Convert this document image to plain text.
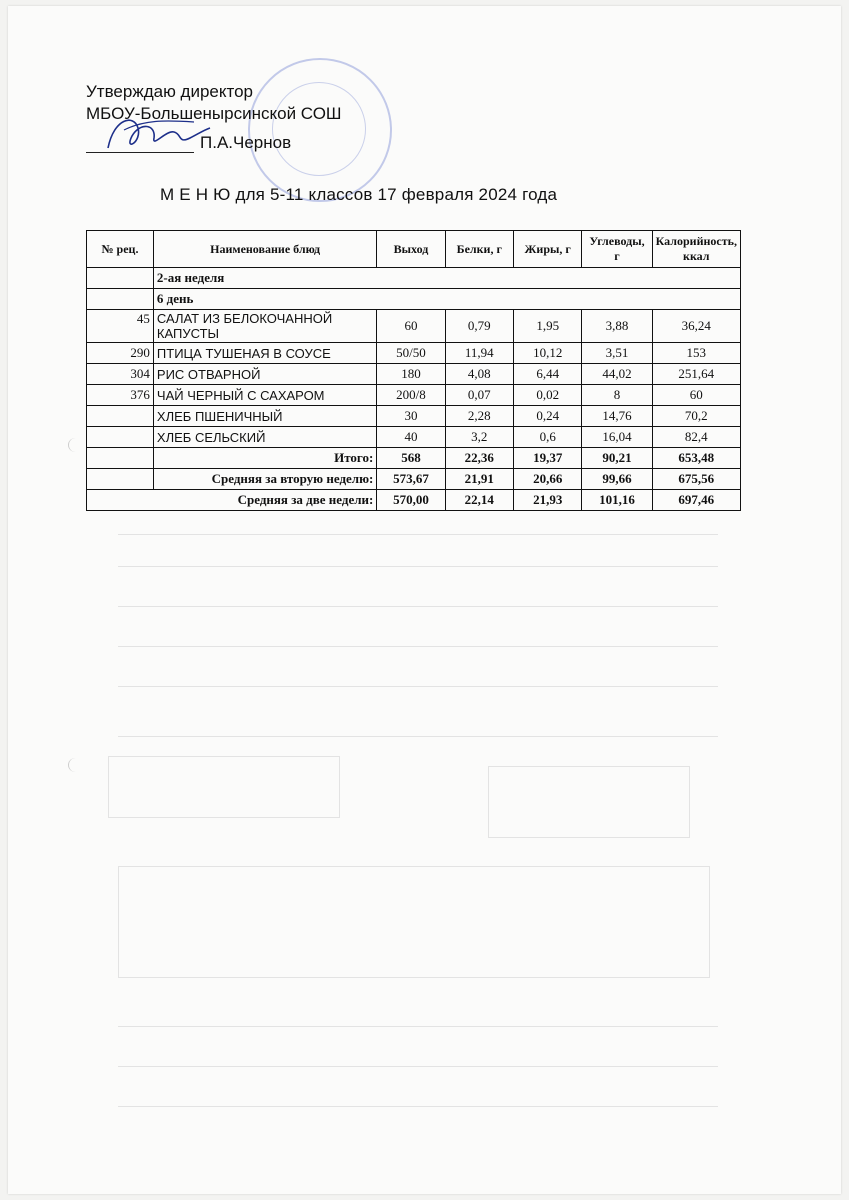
Утверждаю директор
МБОУ-Большенырсинской СОШ
П.А.Чернов
М Е Н Ю для 5-11 классов 17 февраля 2024 года
№ рец.	Наименование блюд	Выход	Белки, г	Жиры, г	Углеводы, г	Калорийность, ккал
	2-ая неделя					
	6 день					
45	САЛАТ ИЗ БЕЛОКОЧАННОЙ КАПУСТЫ	60	0,79	1,95	3,88	36,24
290	ПТИЦА ТУШЕНАЯ В СОУСЕ	50/50	11,94	10,12	3,51	153
304	РИС ОТВАРНОЙ	180	4,08	6,44	44,02	251,64
376	ЧАЙ ЧЕРНЫЙ С САХАРОМ	200/8	0,07	0,02	8	60
	ХЛЕБ ПШЕНИЧНЫЙ	30	2,28	0,24	14,76	70,2
	ХЛЕБ СЕЛЬСКИЙ	40	3,2	0,6	16,04	82,4
	Итого:	568	22,36	19,37	90,21	653,48
	Средняя за вторую неделю:	573,67	21,91	20,66	99,66	675,56
Средняя за две недели:		570,00	22,14	21,93	101,16	697,46
